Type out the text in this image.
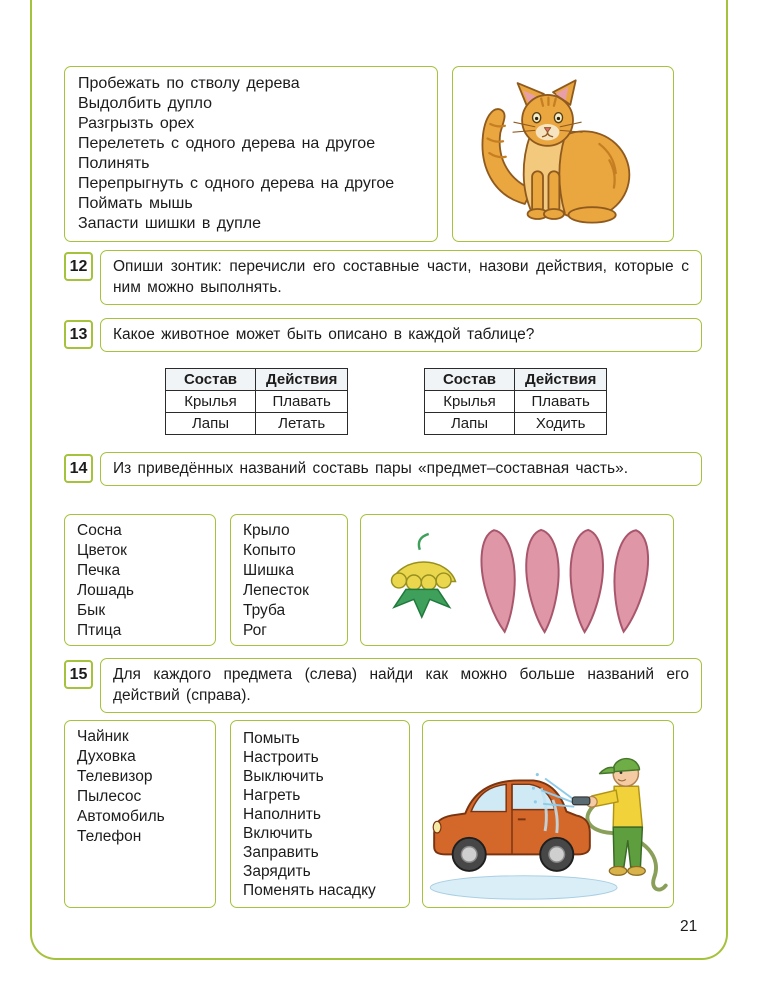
Пробежать по стволу дерева
Выдолбить дупло
Разгрызть орех
Перелететь с одного дерева на другое
Полинять
Перепрыгнуть с одного дерева на другое
Поймать мышь
Запасти шишки в дупле
12	Опиши зонтик: перечисли его составные части, назови действия, которые с ним можно выполнять.

13	Какое животное может быть описано в каждой таблице?

Состав	Действия
Крылья	Плавать
Лапы	Летать
Состав	Действия
Крылья	Плавать
Лапы	Ходить
14	Из приведённых названий составь пары «предмет–составная часть».

Сосна
Цветок
Печка
Лошадь
Бык
Птица
Крыло
Копыто
Шишка
Лепесток
Труба
Рог
15	Для каждого предмета (слева) найди как можно больше названий его действий (справа).

Чайник
Духовка
Телевизор
Пылесос
Автомобиль
Телефон
Помыть
Настроить
Выключить
Нагреть
Наполнить
Включить
Заправить
Зарядить
Поменять насадку
21
